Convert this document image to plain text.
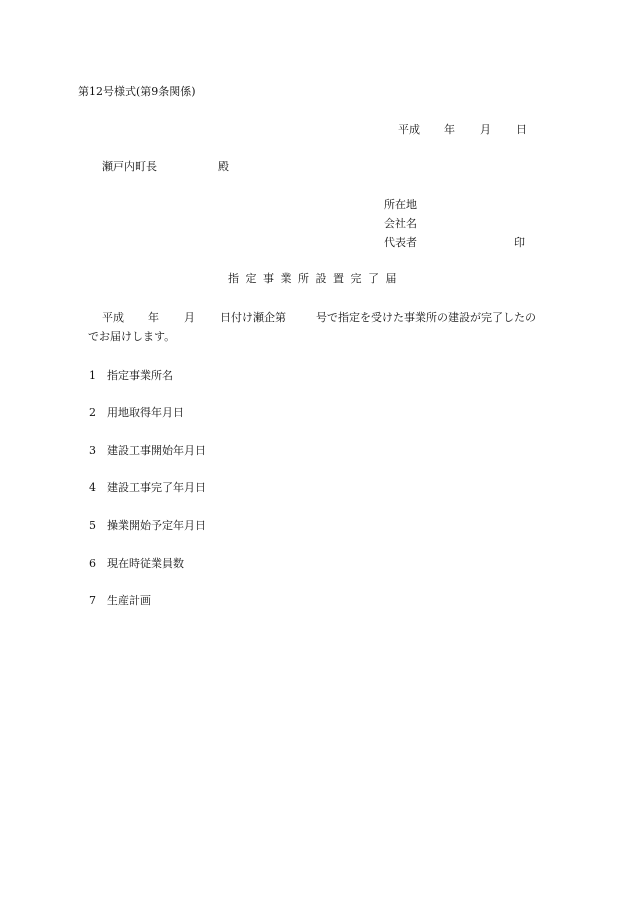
第12号様式(第9条関係)
平成 年 月 日
瀬戸内町長	殿
所在地
会社名
代表者	印
指定事業所設置完了届
平成 年 月 日付け瀬企第	号で指定を受けた事業所の建設が完了したの
でお届けします。
1 指定事業所名
2 用地取得年月日
3 建設工事開始年月日
4 建設工事完了年月日
5 操業開始予定年月日
6 現在時従業員数
7 生産計画
